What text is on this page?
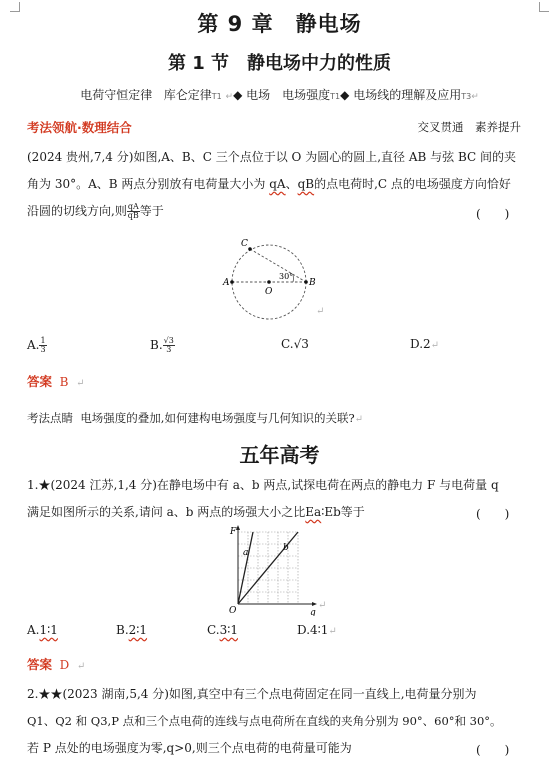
第 9 章　静电场
第 1 节　静电场中力的性质
电荷守恒定律 库仑定律T1 ↵◆ 电场　电场强度T1◆ 电场线的理解及应用T3↵
考法领航·数理结合	交叉贯通　素养提升
(2024 贵州,7,4 分)如图,A、B、C 三个点位于以 O 为圆心的圆上,直径 AB 与弦 BC 间的夹
角为 30°。A、B 两点分别放有电荷量大小为 qA、qB的点电荷时,C 点的电场强度方向恰好
沿圆的切线方向,则 $\frac{qA}{qB}$ 等于	(　　)
A	B
C
O
30°
↵
A. $\frac{1}{3}$	B. $\frac{√3}{3}$	C.√3	D.2↵
答案 B ↵
考法点睛 电场强度的叠加,如何建构电场强度与几何知识的关联?↵
五年高考
1.★(2024 江苏,1,4 分)在静电场中有 a、b 两点,试探电荷在两点的静电力 F 与电荷量 q
满足如图所示的关系,请问 a、b 两点的场强大小之比Ea∶Eb等于	(　　)
F
O	q
a	b
↵
A.1∶1	B.2∶1	C.3∶1	D.4∶1↵
答案 D ↵
2.★★(2023 湖南,5,4 分)如图,真空中有三个点电荷固定在同一直线上,电荷量分别为
Q1、Q2 和 Q3,P 点和三个点电荷的连线与点电荷所在直线的夹角分别为 90°、60°和 30°。
若 P 点处的电场强度为零,q>0,则三个点电荷的电荷量可能为	(　　)
